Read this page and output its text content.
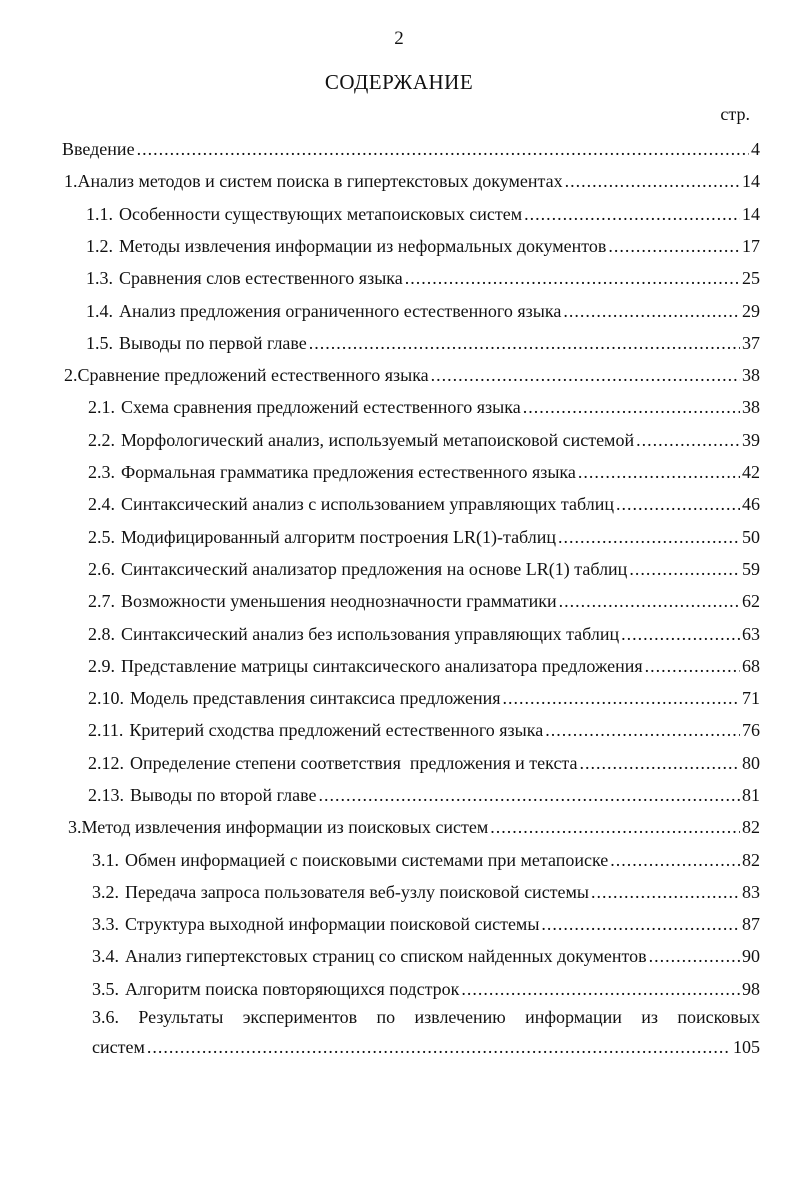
2
СОДЕРЖАНИЕ
стр.
Введение .....	4
1. Анализ методов и систем поиска в гипертекстовых документах .....	14
1.1. Особенности существующих метапоисковых систем .....	14
1.2. Методы извлечения информации из неформальных документов .....	17
1.3. Сравнения слов естественного языка .....	25
1.4. Анализ предложения ограниченного естественного языка .....	29
1.5. Выводы по первой главе .....	37
2. Сравнение предложений естественного языка .....	38
2.1. Схема сравнения предложений естественного языка .....	38
2.2. Морфологический анализ, используемый метапоисковой системой .....	39
2.3. Формальная грамматика предложения естественного языка .....	42
2.4. Синтаксический анализ с использованием управляющих таблиц .....	46
2.5. Модифицированный алгоритм построения LR(1)-таблиц .....	50
2.6. Синтаксический анализатор предложения на основе LR(1) таблиц .....	59
2.7. Возможности уменьшения неоднозначности грамматики .....	62
2.8. Синтаксический анализ без использования управляющих таблиц .....	63
2.9. Представление матрицы синтаксического анализатора предложения .....	68
2.10. Модель представления синтаксиса предложения .....	71
2.11. Критерий сходства предложений естественного языка .....	76
2.12. Определение степени соответствия  предложения и текста .....	80
2.13. Выводы по второй главе .....	81
3. Метод извлечения информации из поисковых систем .....	82
3.1. Обмен информацией с поисковыми системами при метапоиске .....	82
3.2. Передача запроса пользователя веб-узлу поисковой системы .....	83
3.3. Структура выходной информации поисковой системы .....	87
3.4. Анализ гипертекстовых страниц со списком найденных документов .....	90
3.5. Алгоритм поиска повторяющихся подстрок .....	98
3.6. Результаты экспериментов по извлечению информации из поисковых
систем .....	105
